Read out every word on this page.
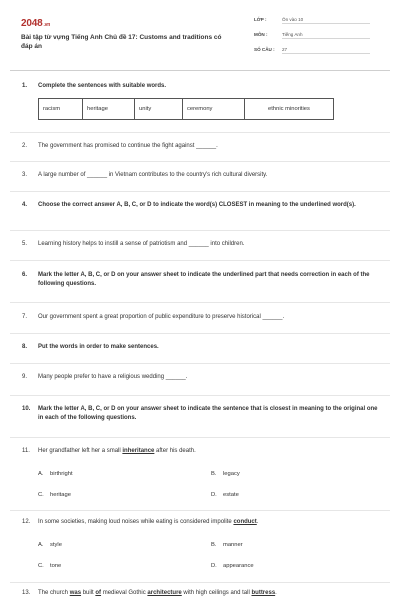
2048.vn
Bài tập từ vựng Tiếng Anh Chủ đề 17: Customs and traditions có đáp án
LỚP :	Ôn vào 10
MÔN :	Tiếng Anh
SỐ CÂU :	27
1.	Complete the sentences with suitable words.
racism	heritage	unity	ceremony	ethnic minorities
2.	The government has promised to continue the fight against ______.
3.	A large number of ______ in Vietnam contributes to the country's rich cultural diversity.
4.	Choose the correct answer A, B, C, or D to indicate the word(s) CLOSEST in meaning to the underlined word(s).
5.	Learning history helps to instill a sense of patriotism and ______ into children.
6.	Mark the letter A, B, C, or D on your answer sheet to indicate the underlined part that needs correction in each of the following questions.
7.	Our government spent a great proportion of public expenditure to preserve historical ______.
8.	Put the words in order to make sentences.
9.	Many people prefer to have a religious wedding ______.
10.	Mark the letter A, B, C, or D on your answer sheet to indicate the sentence that is closest in meaning to the original one in each of the following questions.
11.	Her grandfather left her a small inheritance after his death.
A. birthright	B. legacy
C. heritage	D. estate
12.	In some societies, making loud noises while eating is considered impolite conduct.
A. style	B. manner
C. tone	D. appearance
13.	The church was built of medieval Gothic architecture with high ceilings and tall buttress.
